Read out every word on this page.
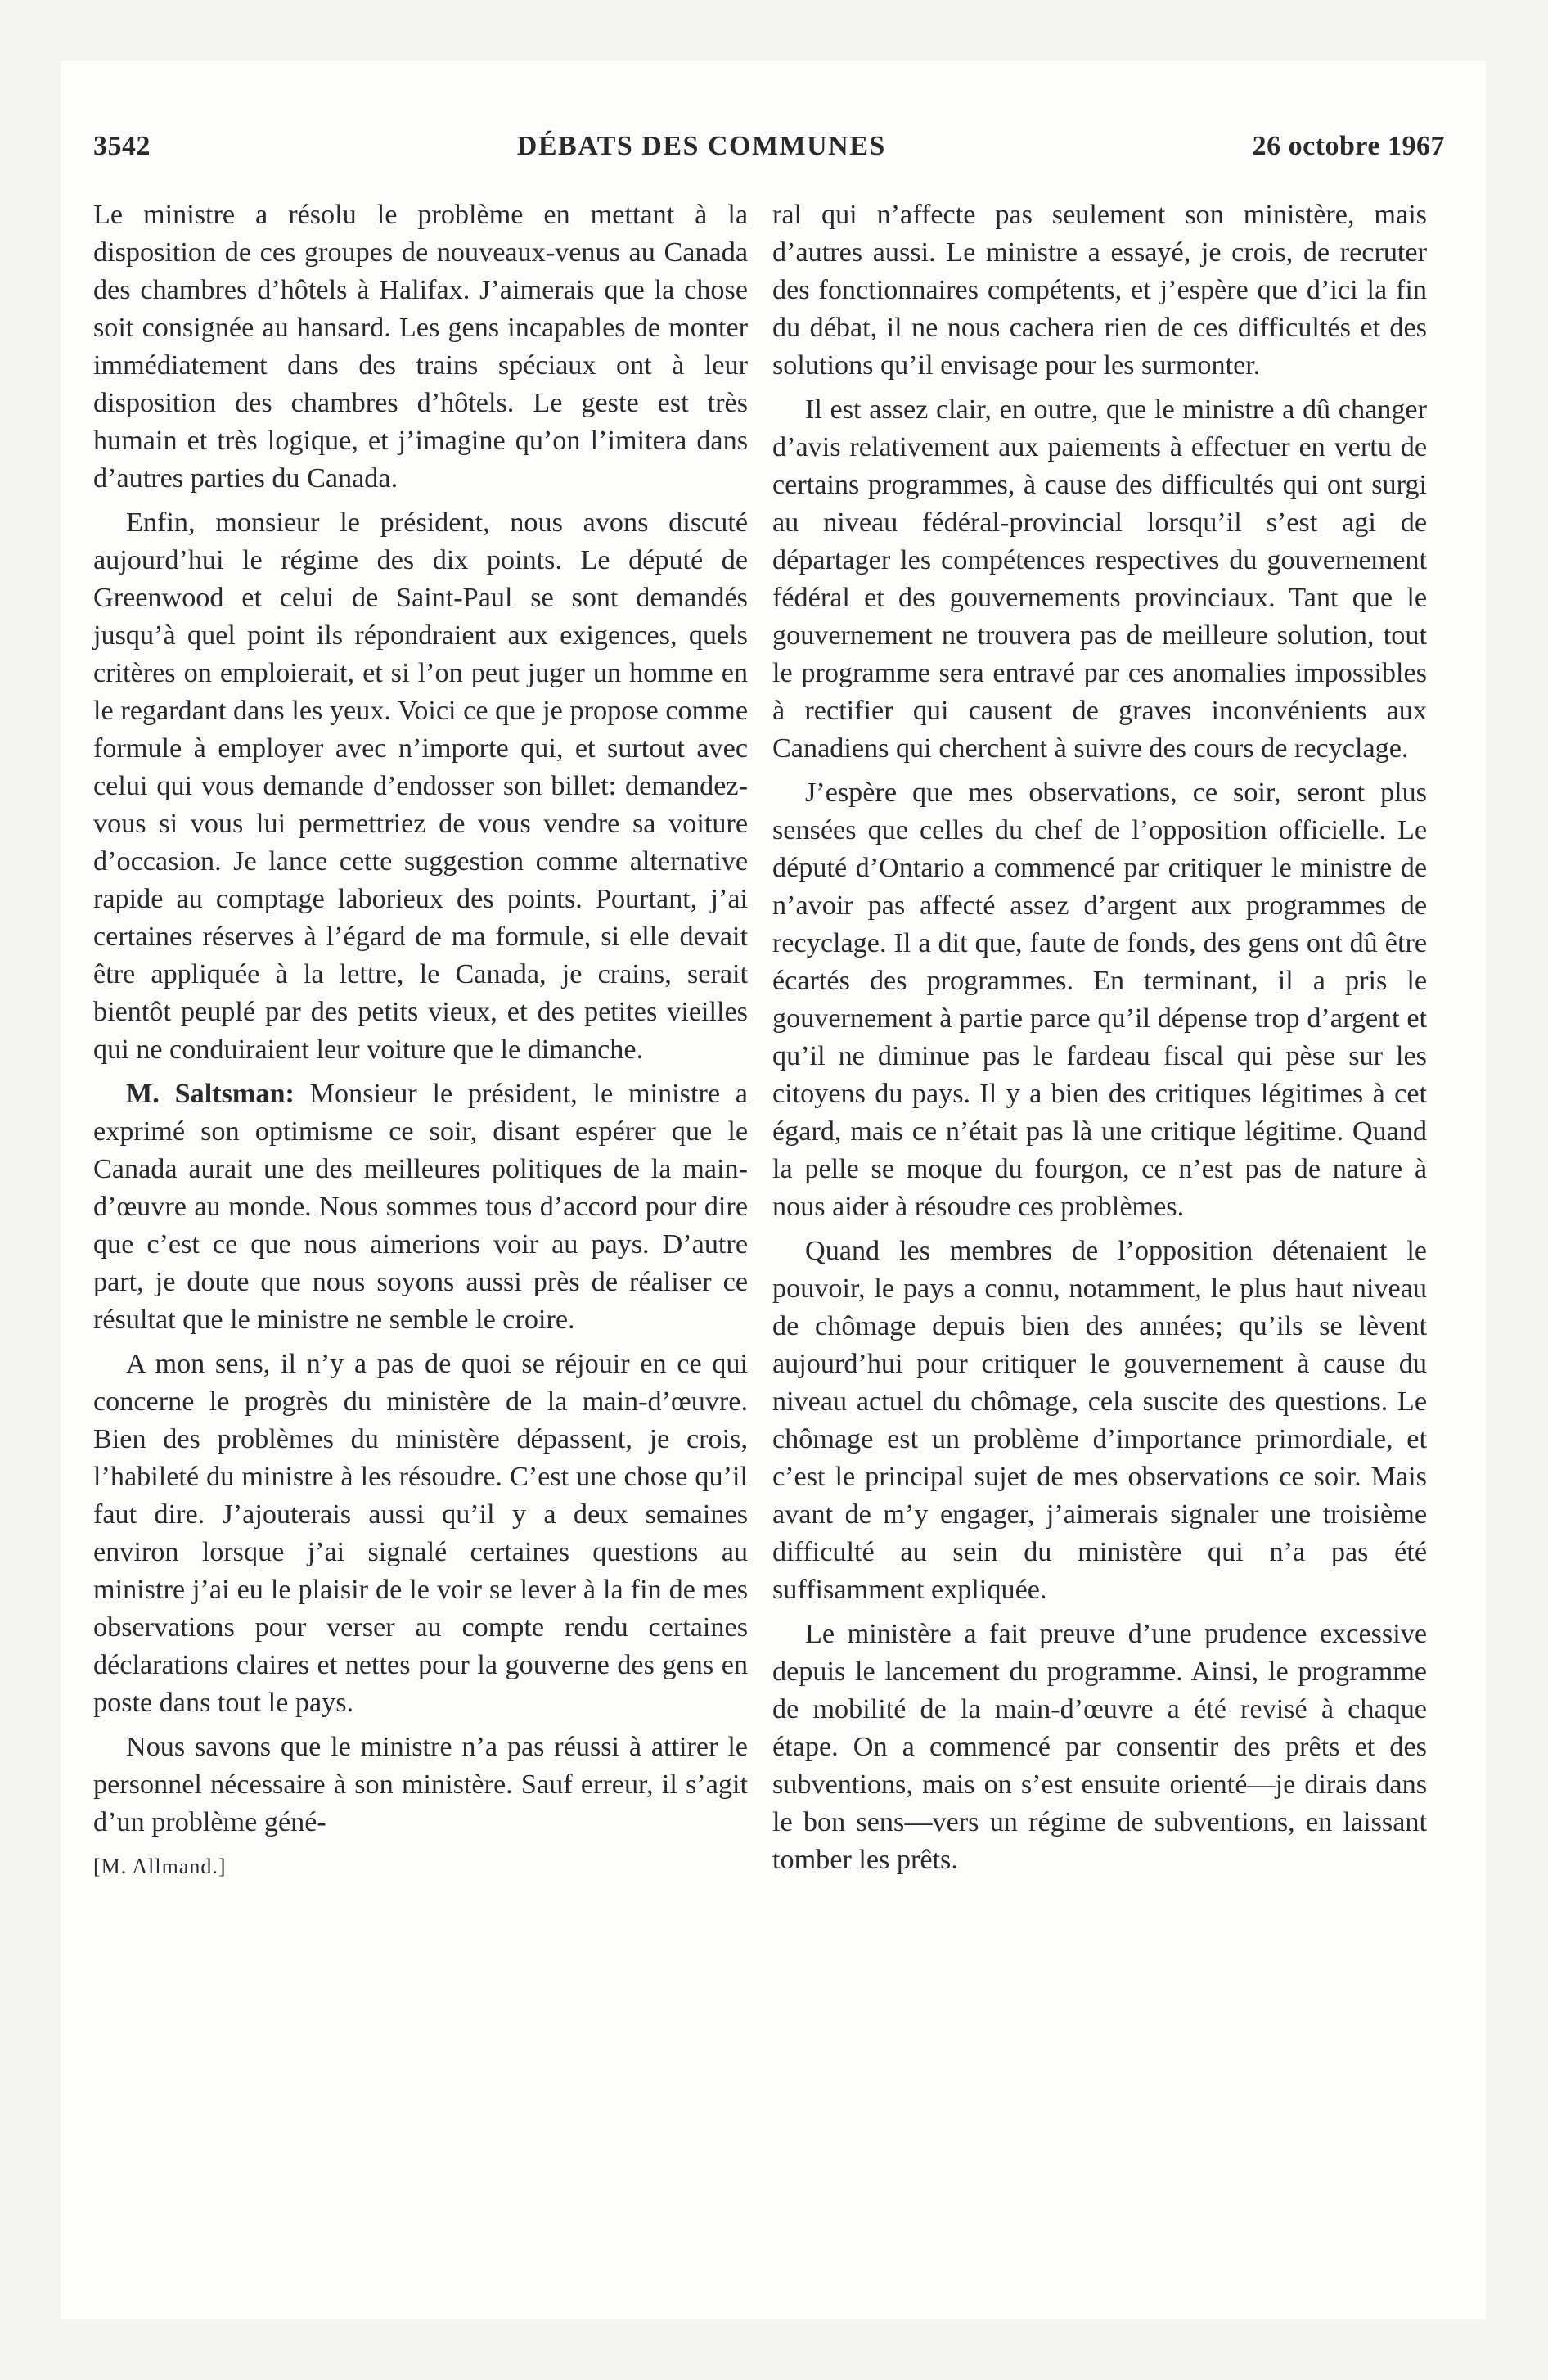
3542	DÉBATS DES COMMUNES	26 octobre 1967

Le ministre a résolu le problème en mettant à la disposition de ces groupes de nouveaux-venus au Canada des chambres d’hôtels à Halifax. J’aimerais que la chose soit consignée au hansard. Les gens incapables de monter immédiatement dans des trains spéciaux ont à leur disposition des chambres d’hôtels. Le geste est très humain et très logique, et j’imagine qu’on l’imitera dans d’autres parties du Canada.

Enfin, monsieur le président, nous avons discuté aujourd’hui le régime des dix points. Le député de Greenwood et celui de Saint-Paul se sont demandés jusqu’à quel point ils répondraient aux exigences, quels critères on emploierait, et si l’on peut juger un homme en le regardant dans les yeux. Voici ce que je propose comme formule à employer avec n’importe qui, et surtout avec celui qui vous demande d’endosser son billet: demandez-vous si vous lui permettriez de vous vendre sa voiture d’occasion. Je lance cette suggestion comme alternative rapide au comptage laborieux des points. Pourtant, j’ai certaines réserves à l’égard de ma formule, si elle devait être appliquée à la lettre, le Canada, je crains, serait bientôt peuplé par des petits vieux, et des petites vieilles qui ne conduiraient leur voiture que le dimanche.

M. Saltsman: Monsieur le président, le ministre a exprimé son optimisme ce soir, disant espérer que le Canada aurait une des meilleures politiques de la main-d’œuvre au monde. Nous sommes tous d’accord pour dire que c’est ce que nous aimerions voir au pays. D’autre part, je doute que nous soyons aussi près de réaliser ce résultat que le ministre ne semble le croire.

A mon sens, il n’y a pas de quoi se réjouir en ce qui concerne le progrès du ministère de la main-d’œuvre. Bien des problèmes du ministère dépassent, je crois, l’habileté du ministre à les résoudre. C’est une chose qu’il faut dire. J’ajouterais aussi qu’il y a deux semaines environ lorsque j’ai signalé certaines questions au ministre j’ai eu le plaisir de le voir se lever à la fin de mes observations pour verser au compte rendu certaines déclarations claires et nettes pour la gouverne des gens en poste dans tout le pays.

Nous savons que le ministre n’a pas réussi à attirer le personnel nécessaire à son ministère. Sauf erreur, il s’agit d’un problème géné-

[M. Allmand.]

ral qui n’affecte pas seulement son ministère, mais d’autres aussi. Le ministre a essayé, je crois, de recruter des fonctionnaires compétents, et j’espère que d’ici la fin du débat, il ne nous cachera rien de ces difficultés et des solutions qu’il envisage pour les surmonter.

Il est assez clair, en outre, que le ministre a dû changer d’avis relativement aux paiements à effectuer en vertu de certains programmes, à cause des difficultés qui ont surgi au niveau fédéral-provincial lorsqu’il s’est agi de départager les compétences respectives du gouvernement fédéral et des gouvernements provinciaux. Tant que le gouvernement ne trouvera pas de meilleure solution, tout le programme sera entravé par ces anomalies impossibles à rectifier qui causent de graves inconvénients aux Canadiens qui cherchent à suivre des cours de recyclage.

J’espère que mes observations, ce soir, seront plus sensées que celles du chef de l’opposition officielle. Le député d’Ontario a commencé par critiquer le ministre de n’avoir pas affecté assez d’argent aux programmes de recyclage. Il a dit que, faute de fonds, des gens ont dû être écartés des programmes. En terminant, il a pris le gouvernement à partie parce qu’il dépense trop d’argent et qu’il ne diminue pas le fardeau fiscal qui pèse sur les citoyens du pays. Il y a bien des critiques légitimes à cet égard, mais ce n’était pas là une critique légitime. Quand la pelle se moque du fourgon, ce n’est pas de nature à nous aider à résoudre ces problèmes.

Quand les membres de l’opposition détenaient le pouvoir, le pays a connu, notamment, le plus haut niveau de chômage depuis bien des années; qu’ils se lèvent aujourd’hui pour critiquer le gouvernement à cause du niveau actuel du chômage, cela suscite des questions. Le chômage est un problème d’importance primordiale, et c’est le principal sujet de mes observations ce soir. Mais avant de m’y engager, j’aimerais signaler une troisième difficulté au sein du ministère qui n’a pas été suffisamment expliquée.

Le ministère a fait preuve d’une prudence excessive depuis le lancement du programme. Ainsi, le programme de mobilité de la main-d’œuvre a été revisé à chaque étape. On a commencé par consentir des prêts et des subventions, mais on s’est ensuite orienté—je dirais dans le bon sens—vers un régime de subventions, en laissant tomber les prêts.
